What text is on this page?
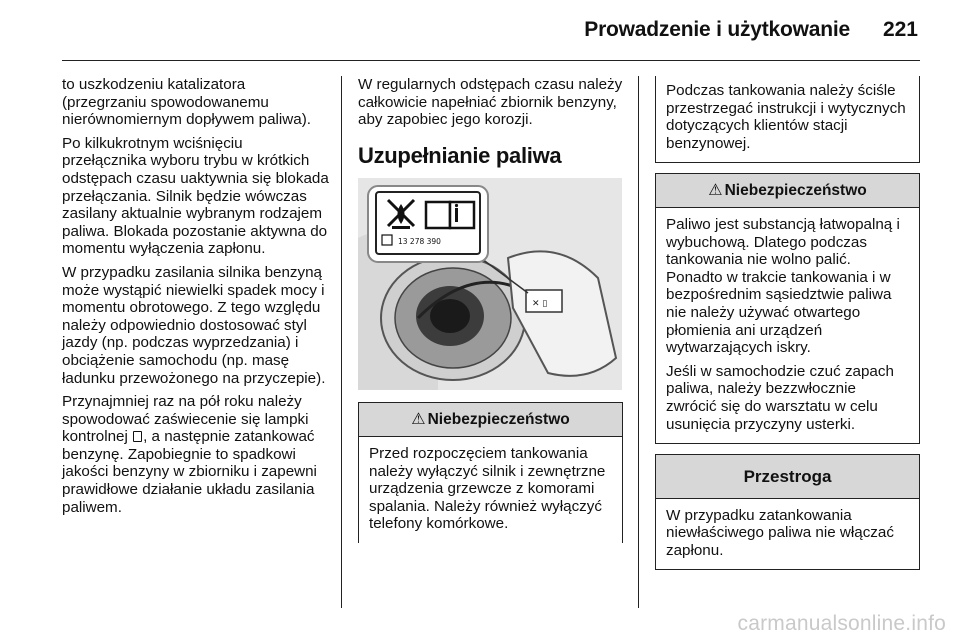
Prowadzenie i użytkowanie 221

to uszkodzeniu katalizatora (przegrzaniu spowodowanemu nierównomiernym dopływem paliwa).

Po kilkukrotnym wciśnięciu przełącznika wyboru trybu w krótkich odstępach czasu uaktywnia się blokada przełączania. Silnik będzie wówczas zasilany aktualnie wybranym rodzajem paliwa. Blokada pozostanie aktywna do momentu wyłączenia zapłonu.

W przypadku zasilania silnika benzyną może wystąpić niewielki spadek mocy i momentu obrotowego. Z tego względu należy odpowiednio dostosować styl jazdy (np. podczas wyprzedzania) i obciążenie samochodu (np. masę ładunku przewożonego na przyczepie).

Przynajmniej raz na pół roku należy spowodować zaświecenie się lampki kontrolnej , a następnie zatankować benzynę. Zapobiegnie to spadkowi jakości benzyny w zbiorniku i zapewni prawidłowe działanie układu zasilania paliwem.

W regularnych odstępach czasu należy całkowicie napełniać zbiornik benzyny, aby zapobiec jego korozji.

Uzupełnianie paliwa
✕ ▯
13 278 390
⚠ Niebezpieczeństwo

Przed rozpoczęciem tankowania należy wyłączyć silnik i zewnętrzne urządzenia grzewcze z komorami spalania. Należy również wyłączyć telefony komórkowe.

Podczas tankowania należy ściśle przestrzegać instrukcji i wytycznych dotyczących klientów stacji benzynowej.

⚠ Niebezpieczeństwo

Paliwo jest substancją łatwopalną i wybuchową. Dlatego podczas tankowania nie wolno palić. Ponadto w trakcie tankowania i w bezpośrednim sąsiedztwie paliwa nie należy używać otwartego płomienia ani urządzeń wytwarzających iskry.

Jeśli w samochodzie czuć zapach paliwa, należy bezzwłocznie zwrócić się do warsztatu w celu usunięcia przyczyny usterki.

Przestroga

W przypadku zatankowania niewłaściwego paliwa nie włączać zapłonu.

carmanualsonline.info
